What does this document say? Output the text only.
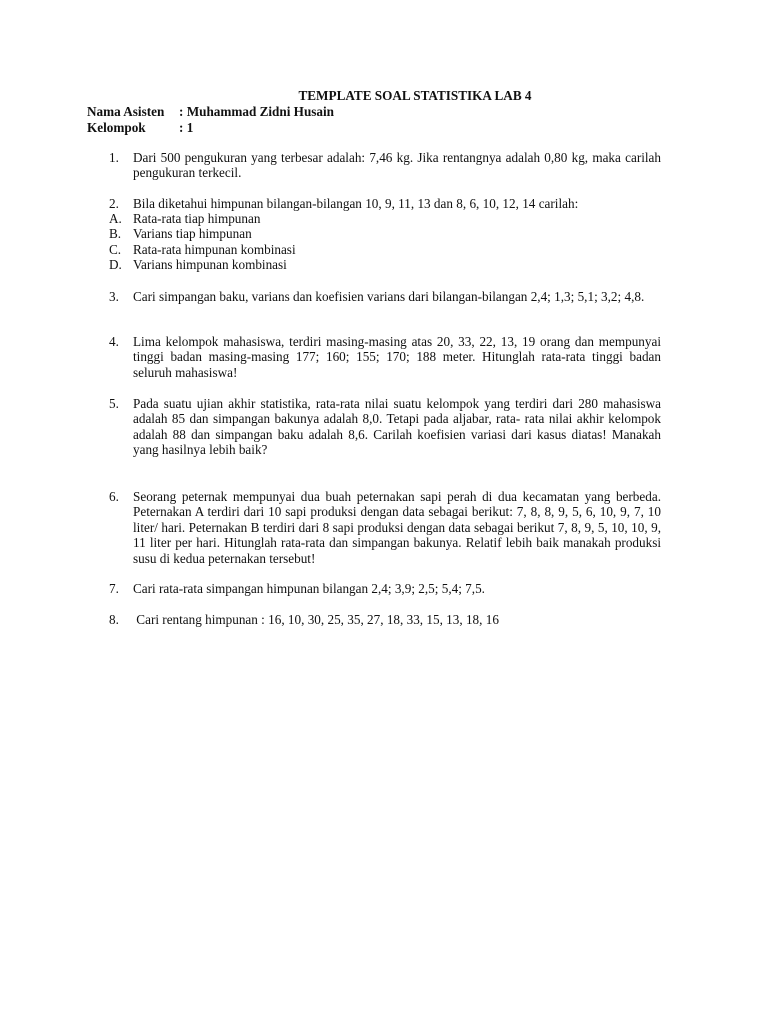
TEMPLATE SOAL STATISTIKA LAB 4
Nama Asisten : Muhammad Zidni Husain
Kelompok	: 1
1. Dari 500 pengukuran yang terbesar adalah: 7,46 kg. Jika rentangnya adalah 0,80 kg, maka carilah pengukuran terkecil.
2. Bila diketahui himpunan bilangan-bilangan 10, 9, 11, 13 dan 8, 6, 10, 12, 14 carilah:
A. Rata-rata tiap himpunan
B. Varians tiap himpunan
C. Rata-rata himpunan kombinasi
D. Varians himpunan kombinasi
3. Cari simpangan baku, varians dan koefisien varians dari bilangan-bilangan 2,4; 1,3; 5,1; 3,2; 4,8.
4. Lima kelompok mahasiswa, terdiri masing-masing atas 20, 33, 22, 13, 19 orang dan mempunyai tinggi badan masing-masing 177; 160; 155; 170; 188 meter. Hitunglah rata-rata tinggi badan seluruh mahasiswa!
5. Pada suatu ujian akhir statistika, rata-rata nilai suatu kelompok yang terdiri dari 280 mahasiswa adalah 85 dan simpangan bakunya adalah 8,0. Tetapi pada aljabar, rata- rata nilai akhir kelompok adalah 88 dan simpangan baku adalah 8,6. Carilah koefisien variasi dari kasus diatas! Manakah yang hasilnya lebih baik?
6. Seorang peternak mempunyai dua buah peternakan sapi perah di dua kecamatan yang berbeda. Peternakan A terdiri dari 10 sapi produksi dengan data sebagai berikut: 7, 8, 8, 9, 5, 6, 10, 9, 7, 10 liter/ hari. Peternakan B terdiri dari 8 sapi produksi dengan data sebagai berikut 7, 8, 9, 5, 10, 10, 9, 11 liter per hari. Hitunglah rata-rata dan simpangan bakunya. Relatif lebih baik manakah produksi susu di kedua peternakan tersebut!
7. Cari rata-rata simpangan himpunan bilangan 2,4; 3,9; 2,5; 5,4; 7,5.
8. Cari rentang himpunan : 16, 10, 30, 25, 35, 27, 18, 33, 15, 13, 18, 16
